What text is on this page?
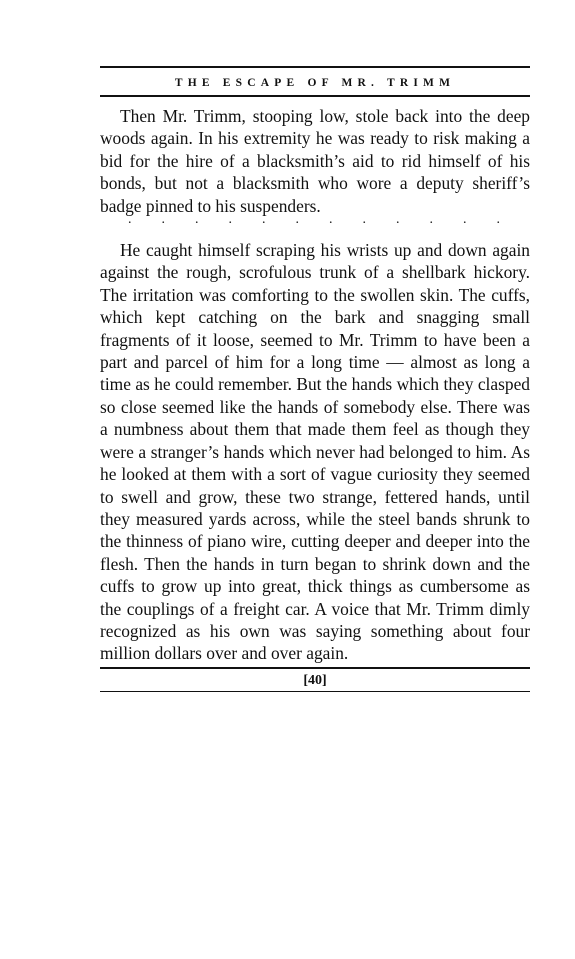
THE ESCAPE OF MR. TRIMM

Then Mr. Trimm, stooping low, stole back into the deep woods again. In his extremity he was ready to risk making a bid for the hire of a blacksmith’s aid to rid himself of his bonds, but not a blacksmith who wore a deputy sheriff’s badge pinned to his suspenders.

. . . . . . . . . . . .

He caught himself scraping his wrists up and down again against the rough, scrofulous trunk of a shellbark hickory. The irritation was comforting to the swollen skin. The cuffs, which kept catching on the bark and snagging small fragments of it loose, seemed to Mr. Trimm to have been a part and parcel of him for a long time — almost as long a time as he could remember. But the hands which they clasped so close seemed like the hands of somebody else. There was a numbness about them that made them feel as though they were a stranger’s hands which never had belonged to him. As he looked at them with a sort of vague curiosity they seemed to swell and grow, these two strange, fettered hands, until they measured yards across, while the steel bands shrunk to the thinness of piano wire, cutting deeper and deeper into the flesh. Then the hands in turn began to shrink down and the cuffs to grow up into great, thick things as cumbersome as the couplings of a freight car. A voice that Mr. Trimm dimly recognized as his own was saying something about four million dollars over and over again.

[40]
